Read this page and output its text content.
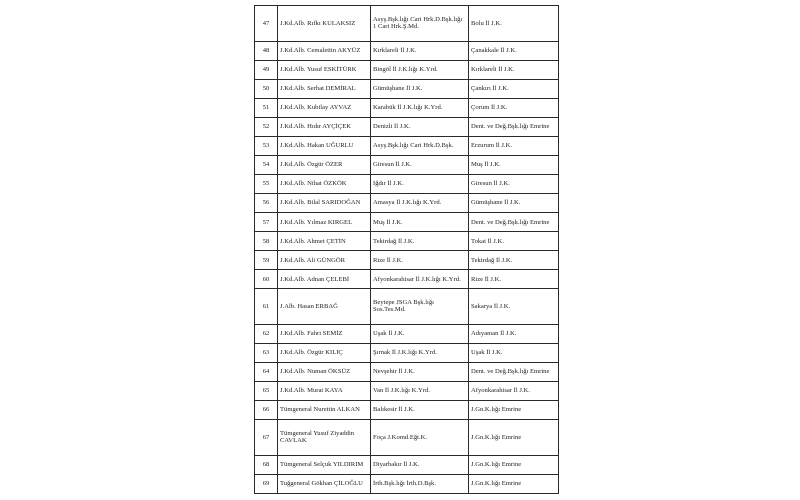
47	J.Kd.Alb. Rıfkı KULAKSIZ	Asyş.Bşk.lığı Cari Hrk.D.Bşk.lığı 1 Cari Hrk.Ş.Md.	Bolu İl J.K.
48	J.Kd.Alb. Cemalettin AKYÜZ	Kırklareli İl J.K.	Çanakkale İl J.K.
49	J.Kd.Alb. Yusuf ESKİTÜRK	Bingöl İl J.K.lığı K.Yrd.	Kırklareli İl J.K.
50	J.Kd.Alb. Serhat DEMİRAL	Gümüşhane İl J.K.	Çankırı İl J.K.
51	J.Kd.Alb. Kubilay AYVAZ	Karabük İl J.K.lığı K.Yrd.	Çorum İl J.K.
52	J.Kd.Alb. Hıdır AYÇİÇEK	Denizli İl J.K.	Dent. ve Değ.Bşk.lığı Emrine
53	J.Kd.Alb. Hakan UĞURLU	Asyş.Bşk.lığı Cari Hrk.D.Bşk.	Erzurum İl J.K.
54	J.Kd.Alb. Özgür ÖZER	Giresun İl J.K.	Muş İl J.K.
55	J.Kd.Alb. Nihat ÖZKÖK	Iğdır İl J.K.	Giresun İl J.K.
56	J.Kd.Alb. Bilal SARIDOĞAN	Amasya İl J.K.lığı K.Yrd.	Gümüşhane İl J.K.
57	J.Kd.Alb. Yılmaz KIRGEL	Muş İl J.K.	Dent. ve Değ.Bşk.lığı Emrine
58	J.Kd.Alb. Ahmet ÇETİN	Tekirdağ İl J.K.	Tokat İl J.K.
59	J.Kd.Alb. Ali GÜNGÖR	Rize İl J.K.	Tekirdağ İl J.K.
60	J.Kd.Alb. Adnan ÇELEBİ	Afyonkarahisar İl J.K.lığı K.Yrd.	Rize İl J.K.
61	J.Alb. Hasan ERBAĞ	Beytepe JSGA Bşk.lığı Sos.Tes.Md.	Sakarya İl J.K.
62	J.Kd.Alb. Fahri SEMİZ	Uşak İl J.K.	Adıyaman İl J.K.
63	J.Kd.Alb. Özgür KILIÇ	Şırnak İl J.K.lığı K.Yrd.	Uşak İl J.K.
64	J.Kd.Alb. Numan ÖKSÜZ	Nevşehir İl J.K.	Dent. ve Değ.Bşk.lığı Emrine
65	J.Kd.Alb. Murat KAYA	Van İl J.K.lığı K.Yrd.	Afyonkarahisar İl J.K.
66	Tümgeneral Nurettin ALKAN	Balıkesir İl J.K.	J.Gn.K.lığı Emrine
67	Tümgeneral Yusuf Ziyaddin CAVLAK	Foça J.Komd.Eğt.K.	J.Gn.K.lığı Emrine
68	Tümgeneral Selçuk YILDIRIM	Diyarbakır İl J.K.	J.Gn.K.lığı Emrine
69	Tuğgeneral Gökhan ÇİLOĞLU	İrth.Bşk.lığı İrth.D.Bşk.	J.Gn.K.lığı Emrine
